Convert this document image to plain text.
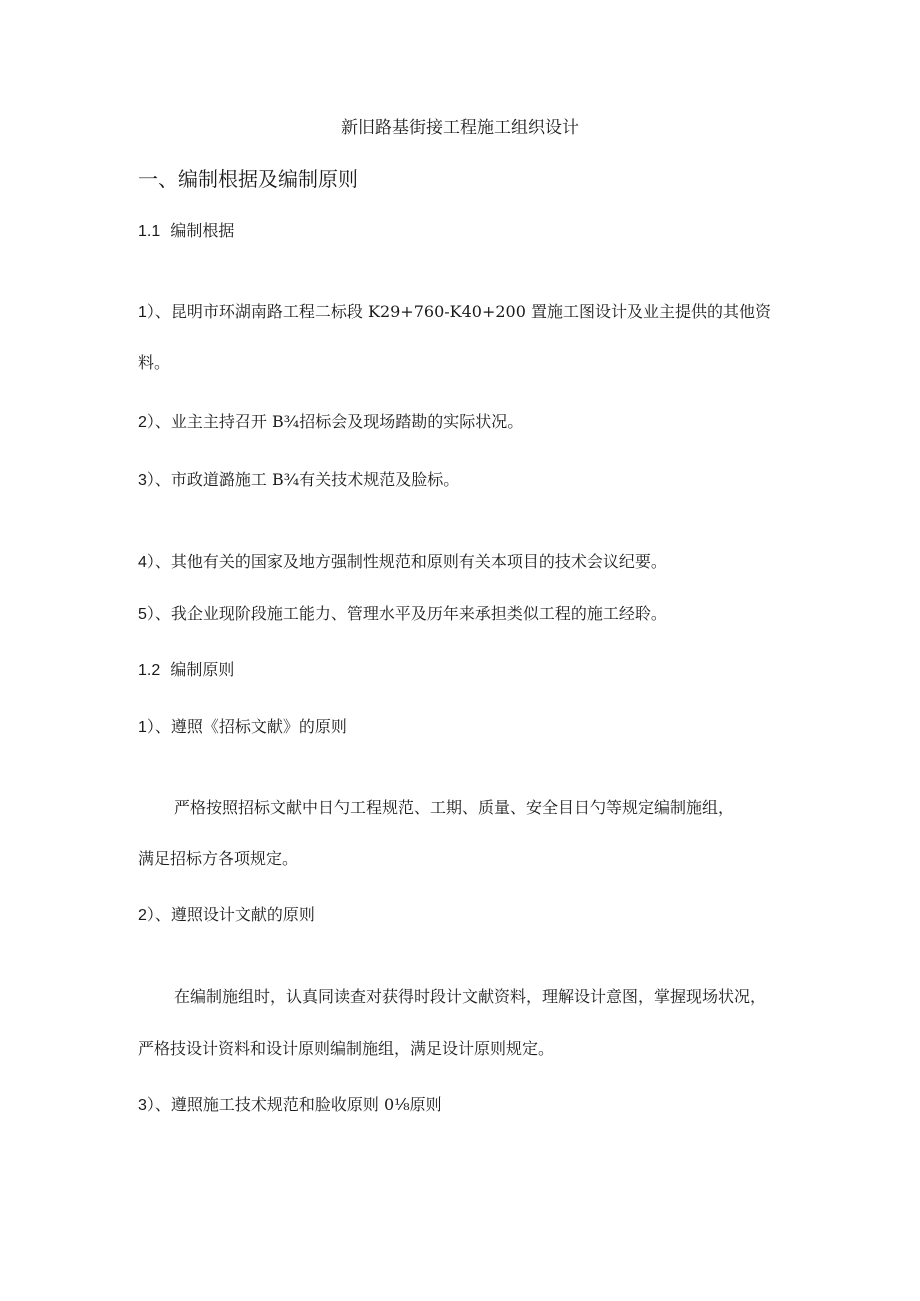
新旧路基街接工程施工组织设计
一、编制根据及编制原则
1.1 编制根据
1）、昆明市环湖南路工程二标段 K29+760-K40+200 置施工图设计及业主提供的其他资
料。
2）、业主主持召开 B¾招标会及现场踏勘的实际状况。
3）、市政道潞施工 B¾有关技术规范及脸标。
4）、其他有关的国家及地方强制性规范和原则有关本项目的技术会议纪要。
5）、我企业现阶段施工能力、管理水平及历年来承担类似工程的施工经聆。
1.2 编制原则
1）、遵照《招标文献》的原则
严格按照招标文献中日勺工程规范、工期、质量、安全目日勺等规定编制施组，
满足招标方各项规定。
2）、遵照设计文献的原则
在编制施组时，认真同读查对获得时段计文献资料，理解设计意图，掌握现场状况，
严格技设计资料和设计原则编制施组，满足设计原则规定。
3）、遵照施工技术规范和脸收原则 0⅛原则
